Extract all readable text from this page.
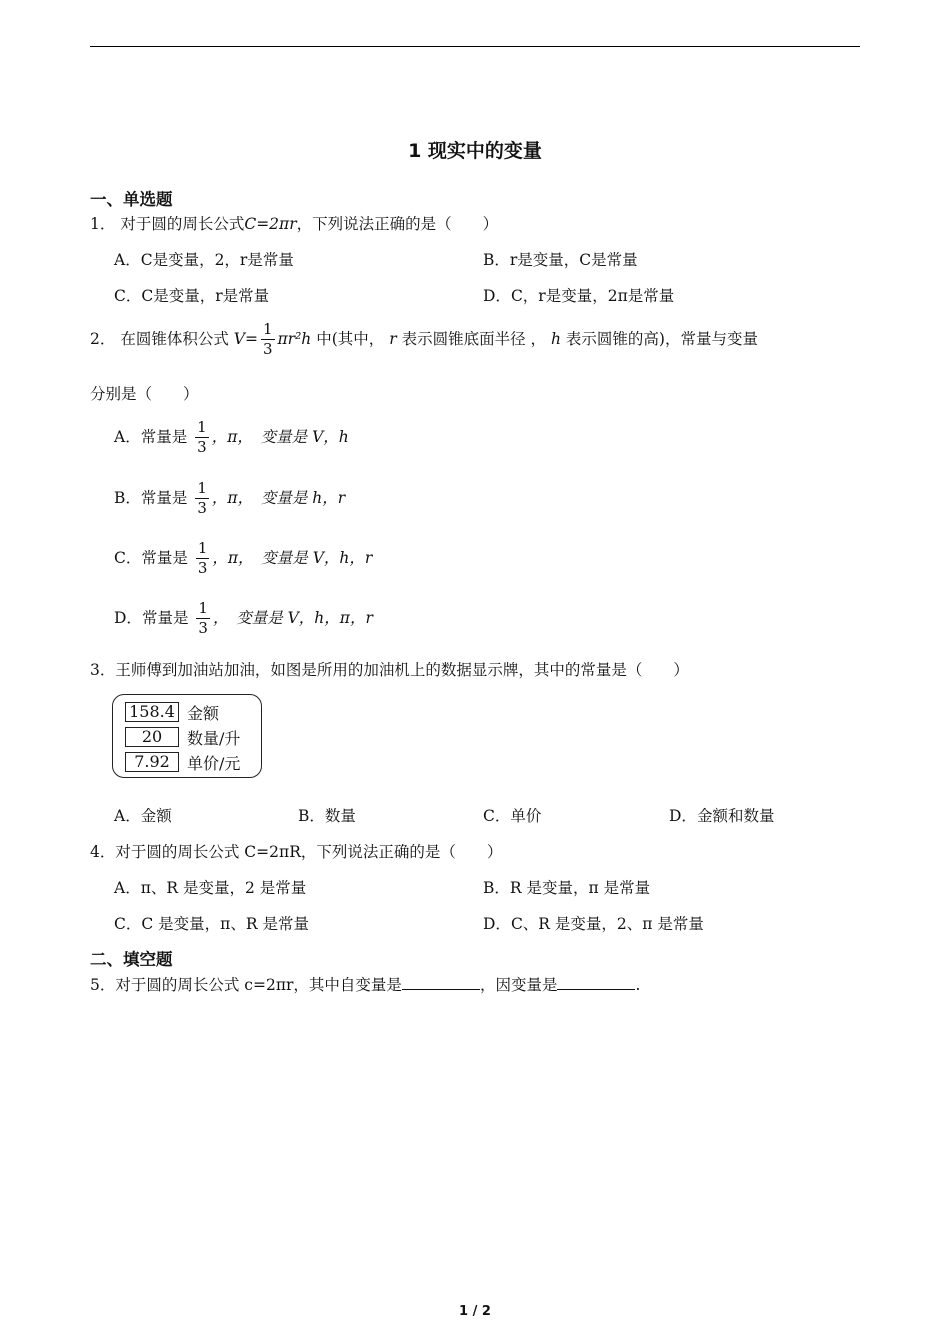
1 现实中的变量
一、单选题
1． 对于圆的周长公式C=2πr，下列说法正确的是（　　）
A．C是变量，2，r是常量	B．r是变量，C是常量
C．C是变量，r是常量	D．C，r是变量，2π是常量
2． 在圆锥体积公式 $V= \frac{1}{3} \pi r^2h$ 中(其中， r 表示圆锥底面半径 ， h 表示圆锥的高)，常量与变量
分别是（　　）
A．常量是 $\frac{1}{3}$ ，π，　变量是 V，h
B．常量是 $\frac{1}{3}$ ，π，　变量是 h，r
C．常量是 $\frac{1}{3}$ ，π，　变量是 V，h，r
D．常量是 $\frac{1}{3}$ ，　变量是 V，h，π，r
3．王师傅到加油站加油，如图是所用的加油机上的数据显示牌，其中的常量是（　　）
158.4 金额
20	数量/升
7.92	单价/元
A．金额	B．数量	C．单价	D．金额和数量
4．对于圆的周长公式 C=2πR，下列说法正确的是（　　）
A．π、R 是变量，2 是常量	B．R 是变量，π 是常量
C．C 是变量，π、R 是常量	D．C、R 是变量，2、π 是常量
二、填空题
5．对于圆的周长公式 c=2πr，其中自变量是	，因变量是	.
1 / 2
